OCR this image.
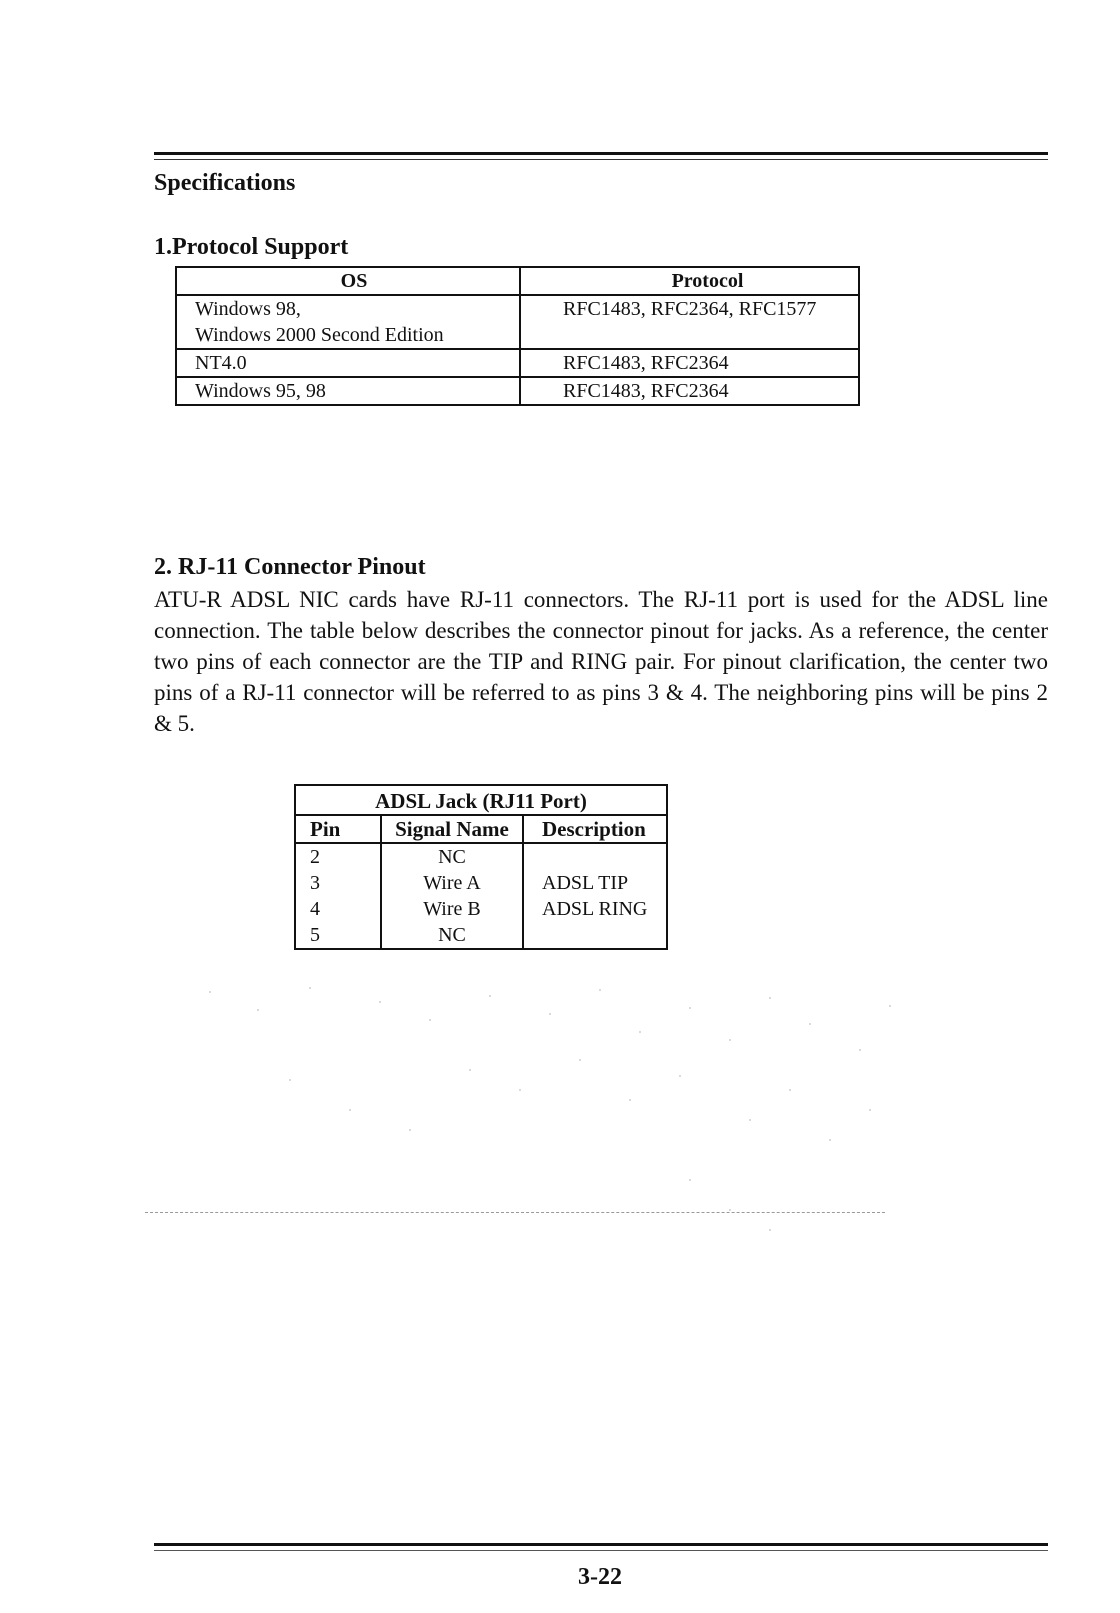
Specifications
1.Protocol Support
OS	Protocol

Windows 98,
Windows 2000 Second Edition	RFC1483, RFC2364, RFC1577

NT4.0	RFC1483, RFC2364

Windows 95, 98	RFC1483, RFC2364
2. RJ-11 Connector Pinout

ATU-R ADSL NIC cards have RJ-11 connectors. The RJ-11 port is used for the ADSL line connection. The table below describes the connector pinout for jacks. As a reference, the center two pins of each connector are the TIP and RING pair. For pinout clarification, the center two pins of a RJ-11 connector will be referred to as pins 3 & 4. The neighboring pins will be pins 2 & 5.

ADSL Jack (RJ11 Port)		
Pin	Signal Name	Description
2	NC	
3	Wire A	ADSL TIP
4	Wire B	ADSL RING
5	NC	
3-22
